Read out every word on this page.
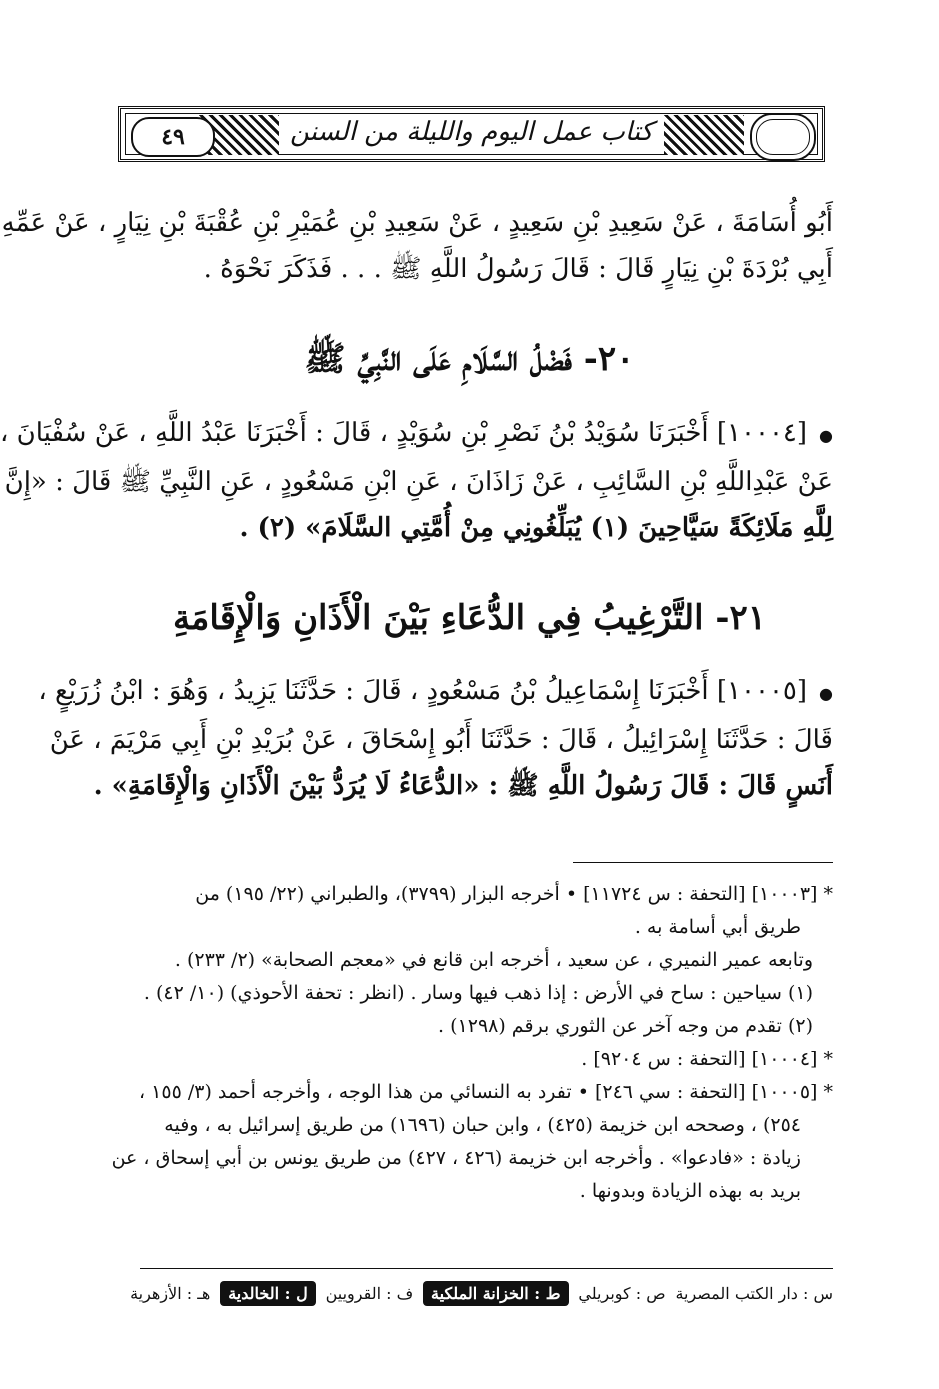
٤٩	كتاب عمل اليوم والليلة من السنن
أَبُو أُسَامَةَ ، عَنْ سَعِيدِ بْنِ سَعِيدٍ ، عَنْ سَعِيدِ بْنِ عُمَيْرِ بْنِ عُقْبَةَ بْنِ نِيَارٍ ، عَنْ عَمِّهِ
أَبِي بُرْدَةَ بْنِ نِيَارٍ قَالَ : قَالَ رَسُولُ اللَّهِ ﷺ . . . فَذَكَرَ نَحْوَهُ .
٢٠- فَضْلُ السَّلَامِ عَلَى النَّبِيِّ ﷺ
●[١٠٠٠٤] أَخْبَرَنَا سُوَيْدُ بْنُ نَصْرِ بْنِ سُوَيْدٍ ، قَالَ : أَخْبَرَنَا عَبْدُ اللَّهِ ، عَنْ سُفْيَانَ ،
عَنْ عَبْدِاللَّهِ بْنِ السَّائِبِ ، عَنْ زَاذَانَ ، عَنِ ابْنِ مَسْعُودٍ ، عَنِ النَّبِيِّ ﷺ قَالَ : «إِنَّ
لِلَّهِ مَلَائِكَةً سَيَّاحِينَ (١) يُبَلِّغُونِي مِنْ أُمَّتِي السَّلَامَ» (٢) .
٢١- التَّرْغِيبُ فِي الدُّعَاءِ بَيْنَ الْأَذَانِ وَالْإِقَامَةِ
●[١٠٠٠٥] أَخْبَرَنَا إِسْمَاعِيلُ بْنُ مَسْعُودٍ ، قَالَ : حَدَّثَنَا يَزِيدُ ، وَهُوَ : ابْنُ زُرَيْعٍ ،
قَالَ : حَدَّثَنَا إِسْرَائِيلُ ، قَالَ : حَدَّثَنَا أَبُو إِسْحَاقَ ، عَنْ بُرَيْدِ بْنِ أَبِي مَرْيَمَ ، عَنْ
أَنَسٍ قَالَ : قَالَ رَسُولُ اللَّهِ ﷺ : «الدُّعَاءُ لَا يُرَدُّ بَيْنَ الْأَذَانِ وَالْإِقَامَةِ» .
* [١٠٠٠٣] [التحفة : س ١١٧٢٤] • أخرجه البزار (٣٧٩٩)، والطبراني (٢٢/ ١٩٥) من
طريق أبي أسامة به .
وتابعه عمير النميري ، عن سعيد ، أخرجه ابن قانع في «معجم الصحابة» (٢/ ٢٣٣) .
(١) سياحين : ساح في الأرض : إذا ذهب فيها وسار . (انظر : تحفة الأحوذي) (١٠/ ٤٢) .
(٢) تقدم من وجه آخر عن الثوري برقم (١٢٩٨) .
* [١٠٠٠٤] [التحفة : س ٩٢٠٤] .
* [١٠٠٠٥] [التحفة : سي ٢٤٦] • تفرد به النسائي من هذا الوجه ، وأخرجه أحمد (٣/ ١٥٥ ،
٢٥٤) ، وصححه ابن خزيمة (٤٢٥) ، وابن حبان (١٦٩٦) من طريق إسرائيل به ، وفيه
زيادة : «فادعوا» . وأخرجه ابن خزيمة (٤٢٦ ، ٤٢٧) من طريق يونس بن أبي إسحاق ، عن
بريد به بهذه الزيادة وبدونها .
س : دار الكتب المصرية
ص : كوبريلي
ط : الخزانة الملكية
ف : القرويين
ل : الخالدية
هـ : الأزهرية
